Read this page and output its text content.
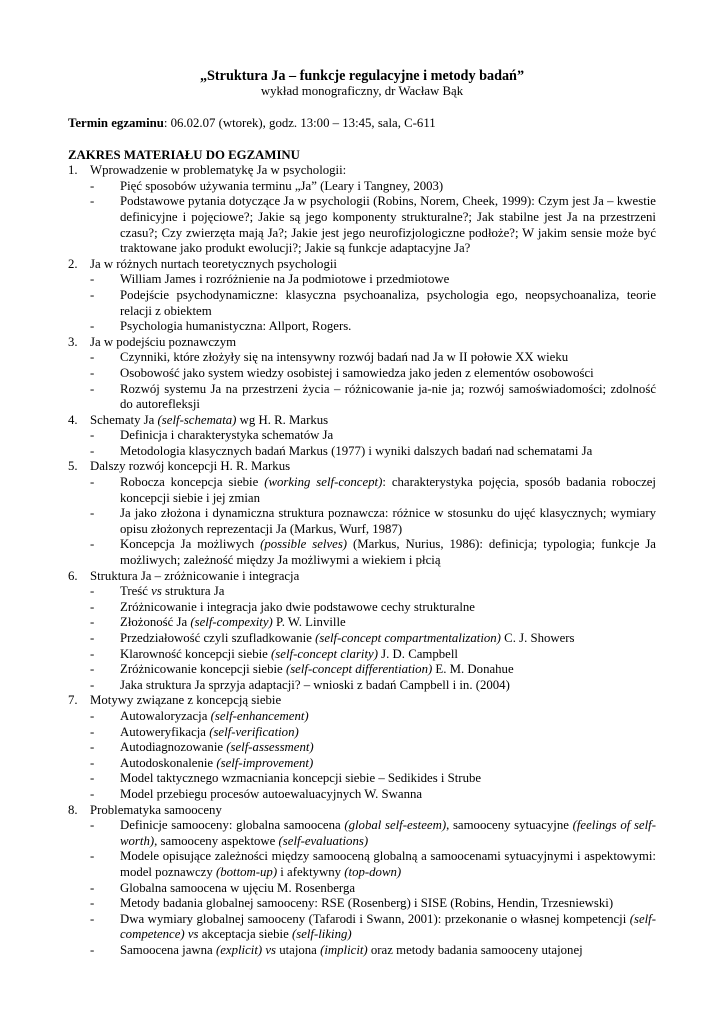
„Struktura Ja – funkcje regulacyjne i metody badań”
wykład monograficzny, dr Wacław Bąk
Termin egzaminu: 06.02.07 (wtorek), godz. 13:00 – 13:45, sala, C-611
ZAKRES MATERIAŁU DO EGZAMINU
1. Wprowadzenie w problematykę Ja w psychologii:
- Pięć sposobów używania terminu „Ja” (Leary i Tangney, 2003)
- Podstawowe pytania dotyczące Ja w psychologii (Robins, Norem, Cheek, 1999): Czym jest Ja – kwestie definicyjne i pojęciowe?; Jakie są jego komponenty strukturalne?; Jak stabilne jest Ja na przestrzeni czasu?; Czy zwierzęta mają Ja?; Jakie jest jego neurofizjologiczne podłoże?; W jakim sensie może być traktowane jako produkt ewolucji?; Jakie są funkcje adaptacyjne Ja?
2. Ja w różnych nurtach teoretycznych psychologii
- William James i rozróżnienie na Ja podmiotowe i przedmiotowe
- Podejście psychodynamiczne: klasyczna psychoanaliza, psychologia ego, neopsychoanaliza, teorie relacji z obiektem
- Psychologia humanistyczna: Allport, Rogers.
3. Ja w podejściu poznawczym
- Czynniki, które złożyły się na intensywny rozwój badań nad Ja w II połowie XX wieku
- Osobowość jako system wiedzy osobistej i samowiedza jako jeden z elementów osobowości
- Rozwój systemu Ja na przestrzeni życia – różnicowanie ja-nie ja; rozwój samoświadomości; zdolność do autorefleksji
4. Schematy Ja (self-schemata) wg H. R. Markus
- Definicja i charakterystyka schematów Ja
- Metodologia klasycznych badań Markus (1977) i wyniki dalszych badań nad schematami Ja
5. Dalszy rozwój koncepcji H. R. Markus
- Robocza koncepcja siebie (working self-concept): charakterystyka pojęcia, sposób badania roboczej koncepcji siebie i jej zmian
- Ja jako złożona i dynamiczna struktura poznawcza: różnice w stosunku do ujęć klasycznych; wymiary opisu złożonych reprezentacji Ja (Markus, Wurf, 1987)
- Koncepcja Ja możliwych (possible selves) (Markus, Nurius, 1986): definicja; typologia; funkcje Ja możliwych; zależność między Ja możliwymi a wiekiem i płcią
6. Struktura Ja – zróżnicowanie i integracja
- Treść vs struktura Ja
- Zróżnicowanie i integracja jako dwie podstawowe cechy strukturalne
- Złożoność Ja (self-compexity) P. W. Linville
- Przedziałowość czyli szufladkowanie (self-concept compartmentalization) C. J. Showers
- Klarowność koncepcji siebie (self-concept clarity) J. D. Campbell
- Zróżnicowanie koncepcji siebie (self-concept differentiation) E. M. Donahue
- Jaka struktura Ja sprzyja adaptacji? – wnioski z badań Campbell i in. (2004)
7. Motywy związane z koncepcją siebie
- Autowaloryzacja (self-enhancement)
- Autoweryfikacja (self-verification)
- Autodiagnozowanie (self-assessment)
- Autodoskonalenie (self-improvement)
- Model taktycznego wzmacniania koncepcji siebie – Sedikides i Strube
- Model przebiegu procesów autoewaluacyjnych W. Swanna
8. Problematyka samooceny
- Definicje samooceny: globalna samoocena (global self-esteem), samooceny sytuacyjne (feelings of self-worth), samooceny aspektowe (self-evaluations)
- Modele opisujące zależności między samooceną globalną a samoocenami sytuacyjnymi i aspektowymi: model poznawczy (bottom-up) i afektywny (top-down)
- Globalna samoocena w ujęciu M. Rosenberga
- Metody badania globalnej samooceny: RSE (Rosenberg) i SISE (Robins, Hendin, Trzesniewski)
- Dwa wymiary globalnej samooceny (Tafarodi i Swann, 2001): przekonanie o własnej kompetencji (self-competence) vs akceptacja siebie (self-liking)
- Samoocena jawna (explicit) vs utajona (implicit) oraz metody badania samooceny utajonej
